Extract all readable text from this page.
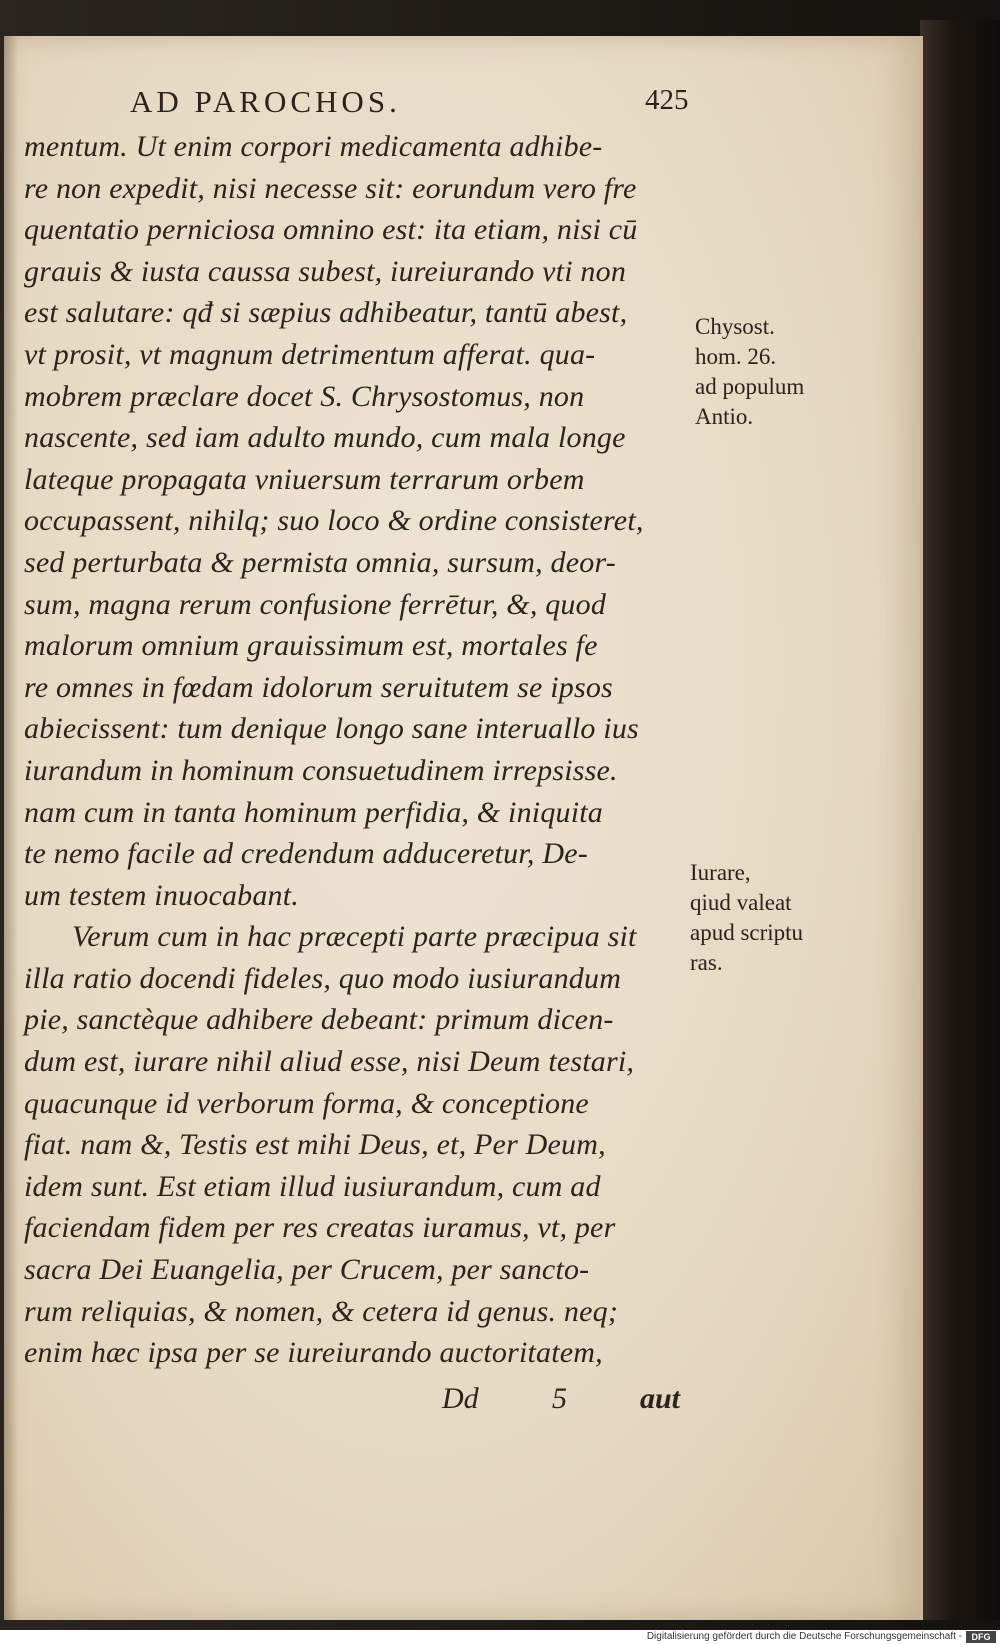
AD PAROCHOS.	425
mentum. Ut enim corpori medicamenta adhibe-
re non expedit, nisi necesse sit: eorundum vero fre
quentatio perniciosa omnino est: ita etiam, nisi cū
grauis & iusta caussa subest, iureiurando vti non
est salutare: qđ si sæpius adhibeatur, tantū abest,
vt prosit, vt magnum detrimentum afferat. qua-
mobrem præclare docet S. Chrysostomus, non
nascente, sed iam adulto mundo, cum mala longe
lateque propagata vniuersum terrarum orbem
occupassent, nihilq; suo loco & ordine consisteret,
sed perturbata & permista omnia, sursum, deor-
sum, magna rerum confusione ferrētur, &, quod
malorum omnium grauissimum est, mortales fe
re omnes in fœdam idolorum seruitutem se ipsos
abiecissent: tum denique longo sane interuallo ius
iurandum in hominum consuetudinem irrepsisse.
nam cum in tanta hominum perfidia, & iniquita
te nemo facile ad credendum adduceretur, De-
um testem inuocabant.
Verum cum in hac præcepti parte præcipua sit
illa ratio docendi fideles, quo modo iusiurandum
pie, sanctèque adhibere debeant: primum dicen-
dum est, iurare nihil aliud esse, nisi Deum testari,
quacunque id verborum forma, & conceptione
fiat. nam &, Testis est mihi Deus, et, Per Deum,
idem sunt. Est etiam illud iusiurandum, cum ad
faciendam fidem per res creatas iuramus, vt, per
sacra Dei Euangelia, per Crucem, per sancto-
rum reliquias, & nomen, & cetera id genus. neq;
enim hæc ipsa per se iureiurando auctoritatem,
Chysost.
hom. 26.
ad populum
Antio.
Iurare,
qiud valeat
apud scriptu
ras.
Dd 5 aut
Digitalisierung gefördert durch die Deutsche Forschungsgemeinschaft -	DFG
